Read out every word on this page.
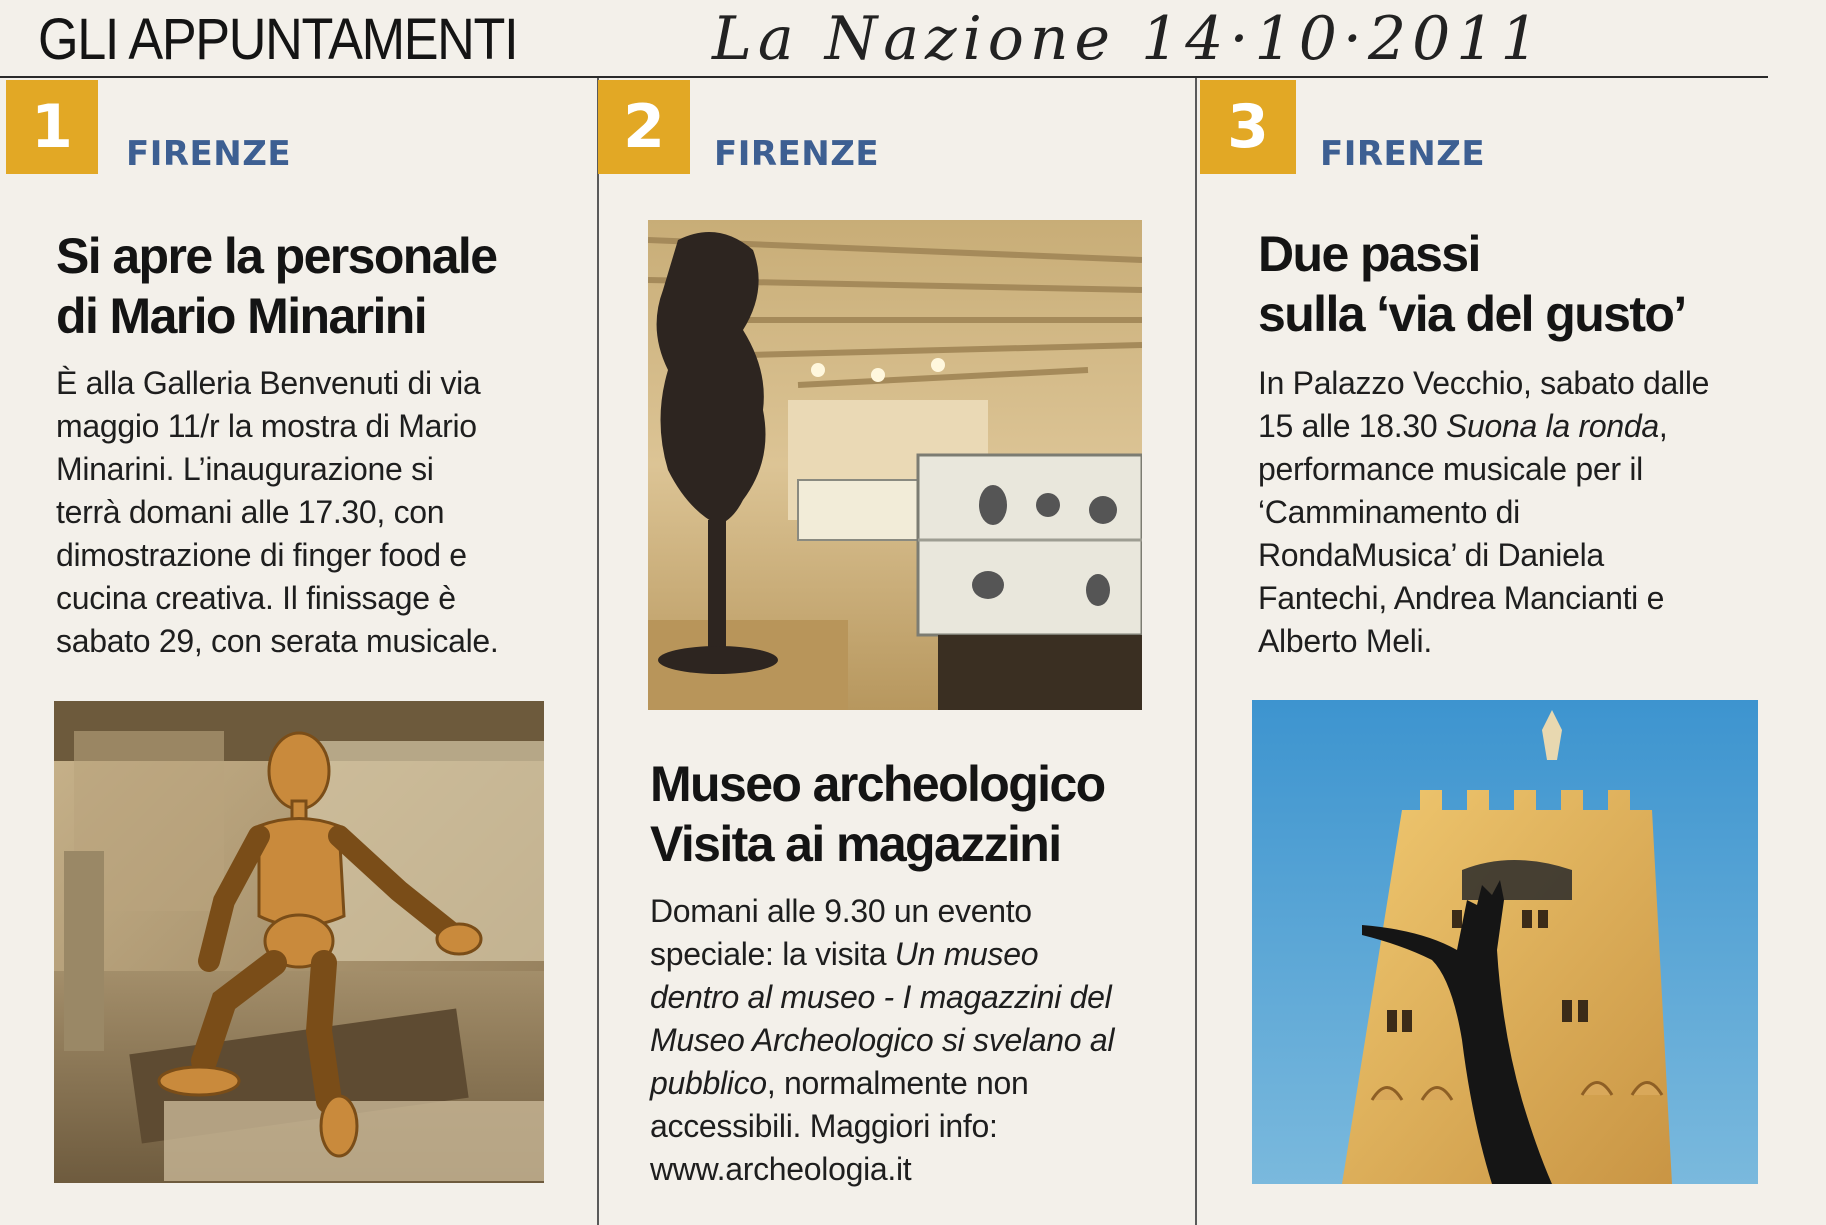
GLI APPUNTAMENTI	La Nazione 14·10·2011
1	FIRENZE
Si apre la personale
di Mario Minarini
È alla Galleria Benvenuti di via
maggio 11/r la mostra di Mario
Minarini. L’inaugurazione si
terrà domani alle 17.30, con
dimostrazione di finger food e
cucina creativa. Il finissage è
sabato 29, con serata musicale.
2	FIRENZE
Museo archeologico
Visita ai magazzini
Domani alle 9.30 un evento
speciale: la visita Un museo
dentro al museo - I magazzini del
Museo Archeologico si svelano al
pubblico, normalmente non
accessibili. Maggiori info:
www.archeologia.it
3	FIRENZE
Due passi
sulla ‘via del gusto’
In Palazzo Vecchio, sabato dalle
15 alle 18.30 Suona la ronda,
performance musicale per il
‘Camminamento di
RondaMusica’ di Daniela
Fantechi, Andrea Mancianti e
Alberto Meli.
